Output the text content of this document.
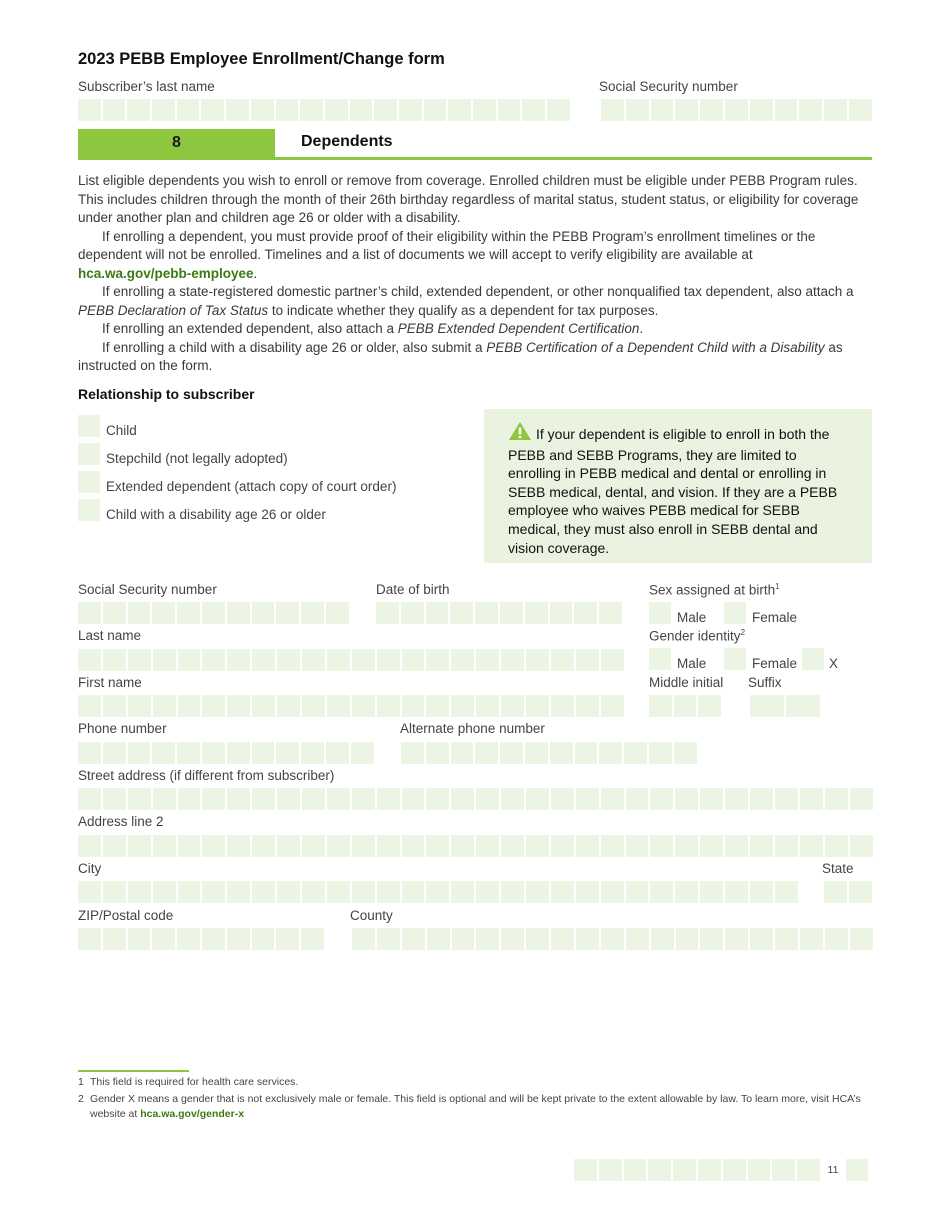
2023 PEBB Employee Enrollment/Change form
Subscriber’s last name	Social Security number
8	Dependents
List eligible dependents you wish to enroll or remove from coverage. Enrolled children must be eligible under PEBB Program rules. This includes children through the month of their 26th birthday regardless of marital status, student status, or eligibility for coverage under another plan and children age 26 or older with a disability.
If enrolling a dependent, you must provide proof of their eligibility within the PEBB Program’s enrollment timelines or the dependent will not be enrolled. Timelines and a list of documents we will accept to verify eligibility are available at
hca.wa.gov/pebb-employee.
If enrolling a state-registered domestic partner’s child, extended dependent, or other nonqualified tax dependent, also attach a PEBB Declaration of Tax Status to indicate whether they qualify as a dependent for tax purposes.
If enrolling an extended dependent, also attach a PEBB Extended Dependent Certification.
If enrolling a child with a disability age 26 or older, also submit a PEBB Certification of a Dependent Child with a Disability as instructed on the form.
Relationship to subscriber
Child
Stepchild (not legally adopted)
Extended dependent (attach copy of court order)
Child with a disability age 26 or older
If your dependent is eligible to enroll in both the PEBB and SEBB Programs, they are limited to enrolling in PEBB medical and dental or enrolling in SEBB medical, dental, and vision. If they are a PEBB employee who waives PEBB medical for SEBB medical, they must also enroll in SEBB dental and vision coverage.
Social Security number	Date of birth	Sex assigned at birth$^1$
Male	Female
Last name	Gender identity$^2$
Male	Female X
First name	Middle initial Suffix
Phone number	Alternate phone number
Street address (if different from subscriber)
Address line 2
City	State
ZIP/Postal code	County
1 This field is required for health care services.
2 Gender X means a gender that is not exclusively male or female. This field is optional and will be kept private to the extent allowable by law. To learn more, visit HCA’s website at hca.wa.gov/gender-x
11
